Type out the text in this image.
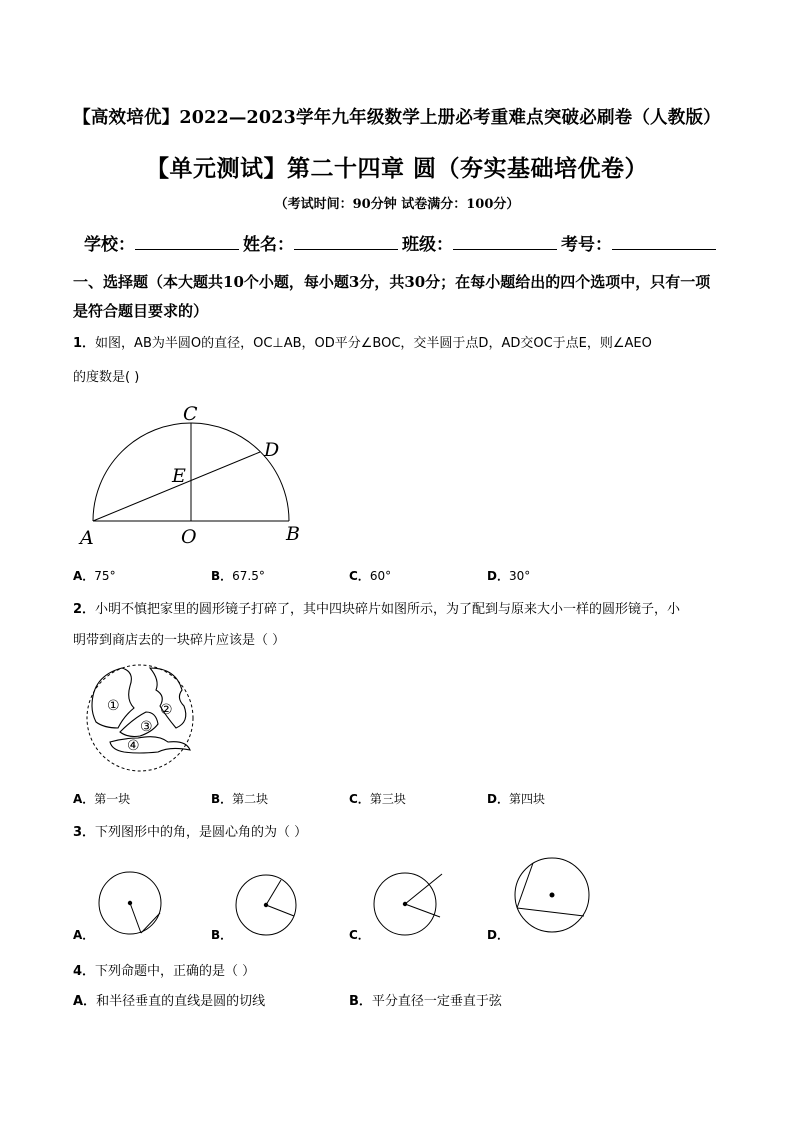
【高效培优】2022—2023学年九年级数学上册必考重难点突破必刷卷（人教版）
【单元测试】第二十四章 圆（夯实基础培优卷）
（考试时间：90分钟 试卷满分：100分）
学校：	姓名：	班级：	考号：
一、选择题（本大题共10个小题，每小题3分，共30分；在每小题给出的四个选项中，只有一项是符合题目要求的）
1．如图，AB为半圆O的直径，OC⊥AB，OD平分∠BOC，交半圆于点D，AD交OC于点E，则∠AEO
的度数是( )
C
D
E
A	O	B
A．75°	B．67.5°	C．60°	D．30°
2．小明不慎把家里的圆形镜子打碎了，其中四块碎片如图所示，为了配到与原来大小一样的圆形镜子，小
明带到商店去的一块碎片应该是（ ）
①	②
③
④
A．第一块	B．第二块	C．第三块	D．第四块
3．下列图形中的角，是圆心角的为（ ）
A．	B．	C．	D．
4．下列命题中，正确的是（ ）
A．和半径垂直的直线是圆的切线	B．平分直径一定垂直于弦
